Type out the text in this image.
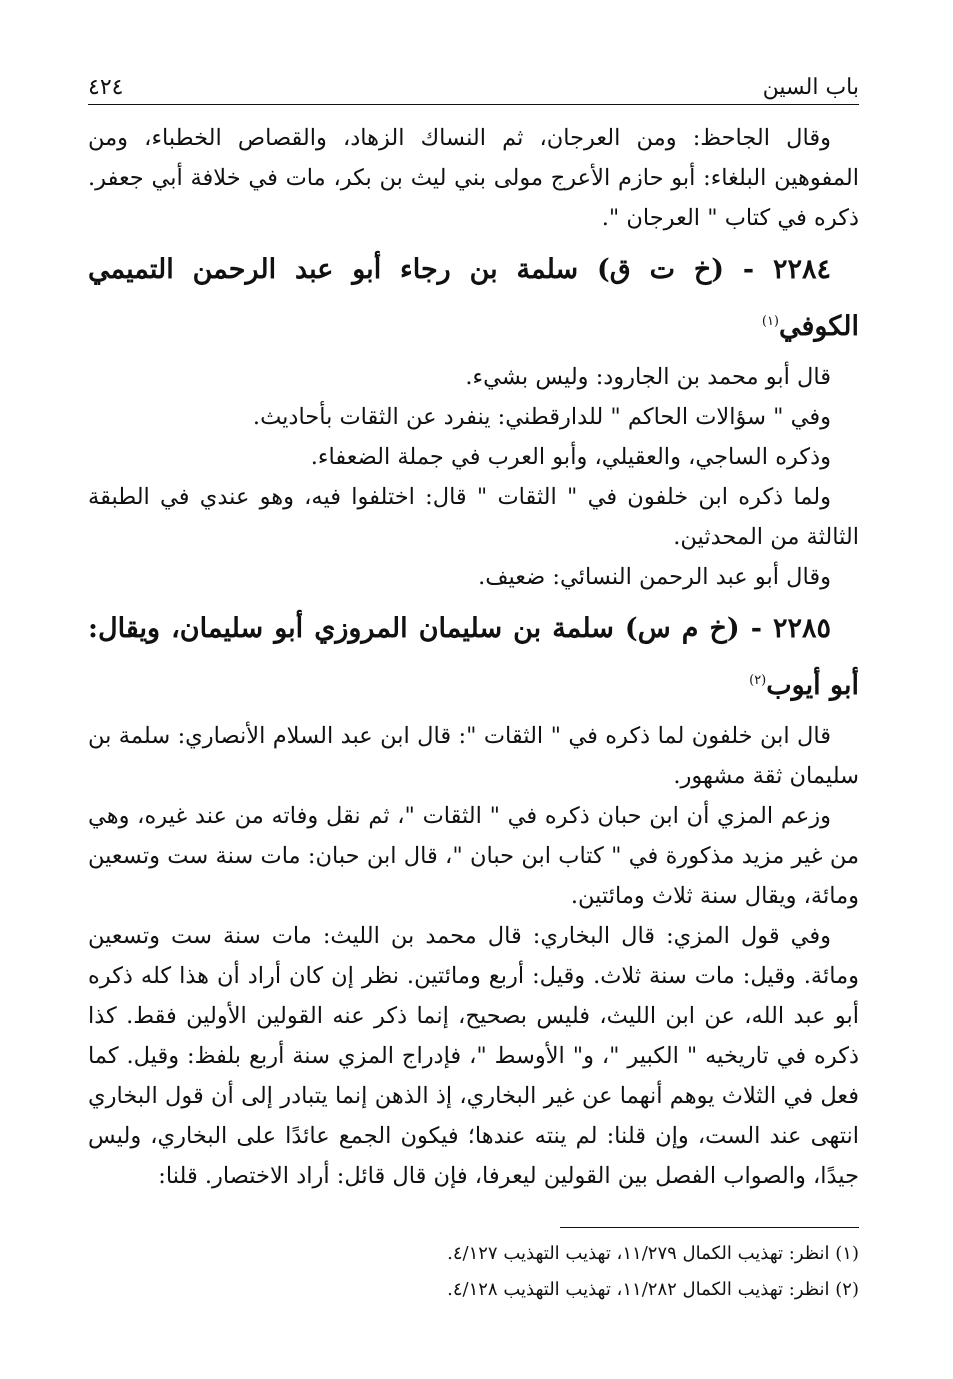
٤٢٤	باب السين

وقال الجاحظ: ومن العرجان، ثم النساك الزهاد، والقصاص الخطباء، ومن المفوهين البلغاء: أبو حازم الأعرج مولى بني ليث بن بكر، مات في خلافة أبي جعفر. ذكره في كتاب " العرجان ".

٢٢٨٤ - (خ ت ق) سلمة بن رجاء أبو عبد الرحمن التميمي الكوفي$^{(١)}$

قال أبو محمد بن الجارود: وليس بشيء.

وفي " سؤالات الحاكم " للدارقطني: ينفرد عن الثقات بأحاديث.

وذكره الساجي، والعقيلي، وأبو العرب في جملة الضعفاء.

ولما ذكره ابن خلفون في " الثقات " قال: اختلفوا فيه، وهو عندي في الطبقة الثالثة من المحدثين.

وقال أبو عبد الرحمن النسائي: ضعيف.

٢٢٨٥ - (خ م س) سلمة بن سليمان المروزي أبو سليمان، ويقال: أبو أيوب$^{(٢)}$

قال ابن خلفون لما ذكره في " الثقات ": قال ابن عبد السلام الأنصاري: سلمة بن سليمان ثقة مشهور.

وزعم المزي أن ابن حبان ذكره في " الثقات "، ثم نقل وفاته من عند غيره، وهي من غير مزيد مذكورة في " كتاب ابن حبان "، قال ابن حبان: مات سنة ست وتسعين ومائة، ويقال سنة ثلاث ومائتين.

وفي قول المزي: قال البخاري: قال محمد بن الليث: مات سنة ست وتسعين ومائة. وقيل: مات سنة ثلاث. وقيل: أربع ومائتين. نظر إن كان أراد أن هذا كله ذكره أبو عبد الله، عن ابن الليث، فليس بصحيح، إنما ذكر عنه القولين الأولين فقط. كذا ذكره في تاريخيه " الكبير "، و" الأوسط "، فإدراج المزي سنة أربع بلفظ: وقيل. كما فعل في الثلاث يوهم أنهما عن غير البخاري، إذ الذهن إنما يتبادر إلى أن قول البخاري انتهى عند الست، وإن قلنا: لم ينته عندها؛ فيكون الجمع عائدًا على البخاري، وليس جيدًا، والصواب الفصل بين القولين ليعرفا، فإن قال قائل: أراد الاختصار. قلنا:

(١) انظر: تهذيب الكمال ١١/٢٧٩، تهذيب التهذيب ٤/١٢٧.
(٢) انظر: تهذيب الكمال ١١/٢٨٢، تهذيب التهذيب ٤/١٢٨.
